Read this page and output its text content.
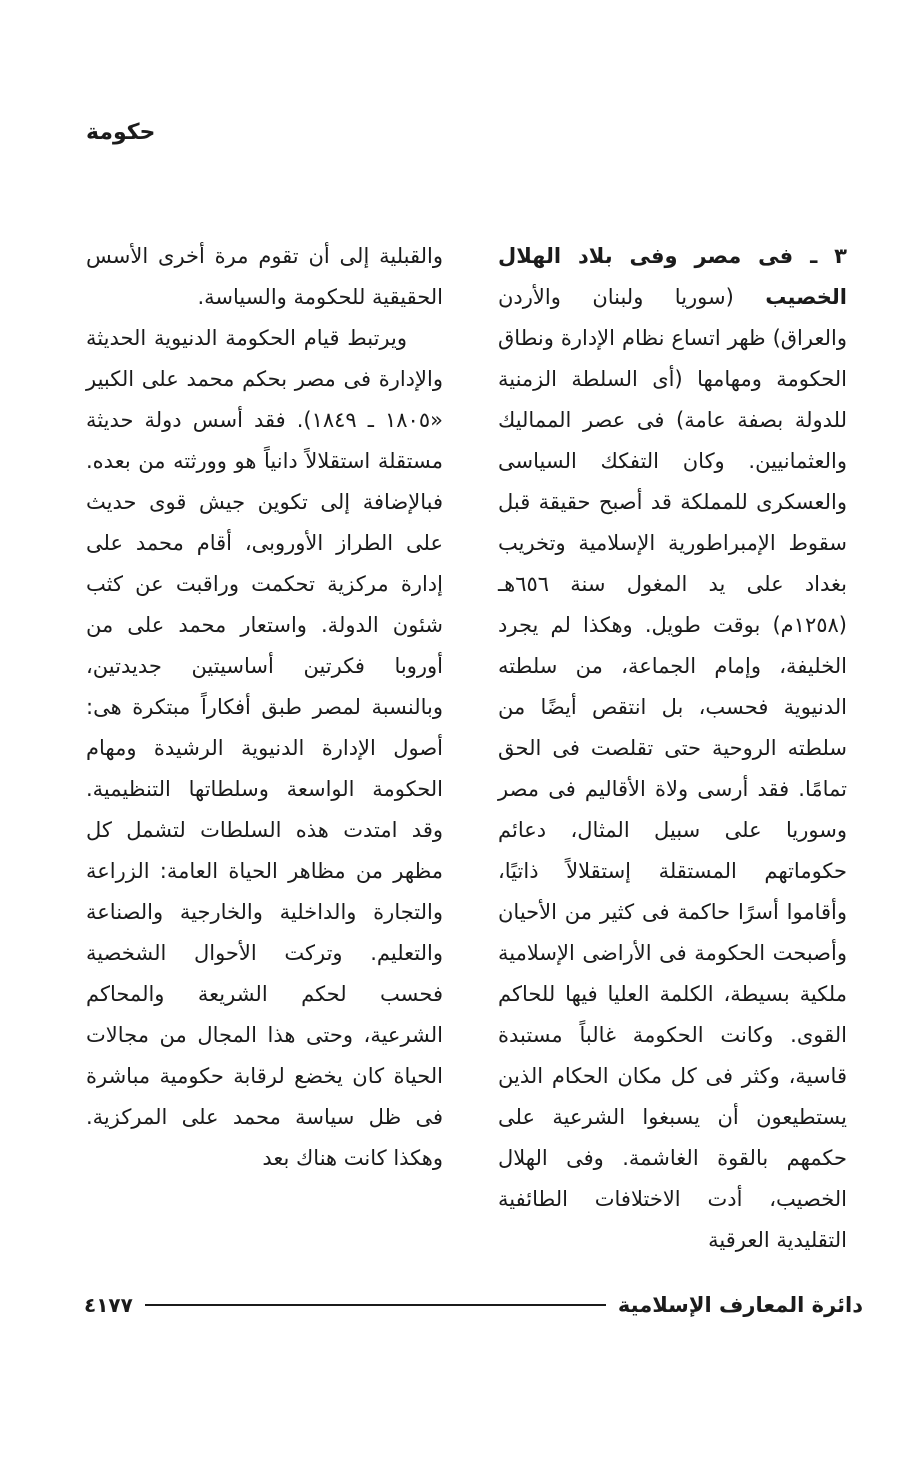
حكومة

٣ ـ فى مصر وفى بلاد الهلال الخصيب (سوريا ولبنان والأردن والعراق) ظهر اتساع نظام الإدارة ونطاق الحكومة ومهامها (أى السلطة الزمنية للدولة بصفة عامة) فى عصر المماليك والعثمانيين. وكان التفكك السياسى والعسكرى للمملكة قد أصبح حقيقة قبل سقوط الإمبراطورية الإسلامية وتخريب بغداد على يد المغول سنة ٦٥٦هـ (١٢٥٨م) بوقت طويل. وهكذا لم يجرد الخليفة، وإمام الجماعة، من سلطته الدنيوية فحسب، بل انتقص أيضًا من سلطته الروحية حتى تقلصت فى الحق تمامًا. فقد أرسى ولاة الأقاليم فى مصر وسوريا على سبيل المثال، دعائم حكوماتهم المستقلة إستقلالاً ذاتيًا، وأقاموا أسرًا حاكمة فى كثير من الأحيان وأصبحت الحكومة فى الأراضى الإسلامية ملكية بسيطة، الكلمة العليا فيها للحاكم القوى. وكانت الحكومة غالباً مستبدة قاسية، وكثر فى كل مكان الحكام الذين يستطيعون أن يسبغوا الشرعية على حكمهم بالقوة الغاشمة. وفى الهلال الخصيب، أدت الاختلافات الطائفية التقليدية العرقية

والقبلية إلى أن تقوم مرة أخرى الأسس الحقيقية للحكومة والسياسة.

ويرتبط قيام الحكومة الدنيوية الحديثة والإدارة فى مصر بحكم محمد على الكبير «١٨٠٥ ـ ١٨٤٩). فقد أسس دولة حديثة مستقلة استقلالاً دانياً هو وورثته من بعده. فبالإضافة إلى تكوين جيش قوى حديث على الطراز الأوروبى، أقام محمد على إدارة مركزية تحكمت وراقبت عن كثب شئون الدولة. واستعار محمد على من أوروبا فكرتين أساسيتين جديدتين، وبالنسبة لمصر طبق أفكاراً مبتكرة هى: أصول الإدارة الدنيوية الرشيدة ومهام الحكومة الواسعة وسلطاتها التنظيمية. وقد امتدت هذه السلطات لتشمل كل مظهر من مظاهر الحياة العامة: الزراعة والتجارة والداخلية والخارجية والصناعة والتعليم. وتركت الأحوال الشخصية فحسب لحكم الشريعة والمحاكم الشرعية، وحتى هذا المجال من مجالات الحياة كان يخضع لرقابة حكومية مباشرة فى ظل سياسة محمد على المركزية. وهكذا كانت هناك بعد

دائرة المعارف الإسلامية
٤١٧٧
